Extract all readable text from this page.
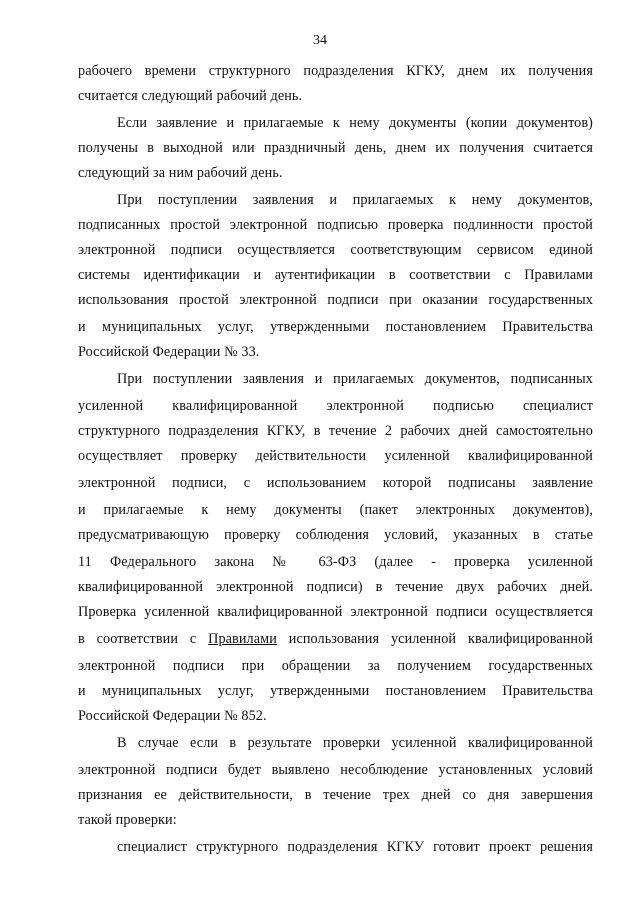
34
рабочего времени структурного подразделения КГКУ, днем их получения
считается следующий рабочий день.
Если заявление и прилагаемые к нему документы (копии документов)
получены в выходной или праздничный день, днем их получения считается
следующий за ним рабочий день.
При поступлении заявления и прилагаемых к нему документов,
подписанных простой электронной подписью проверка подлинности простой
электронной подписи осуществляется соответствующим сервисом единой
системы идентификации и аутентификации в соответствии с Правилами
использования простой электронной подписи при оказании государственных
и муниципальных услуг, утвержденными постановлением Правительства
Российской Федерации № 33.
При поступлении заявления и прилагаемых документов, подписанных
усиленной квалифицированной электронной подписью специалист
структурного подразделения КГКУ, в течение 2 рабочих дней самостоятельно
осуществляет проверку действительности усиленной квалифицированной
электронной подписи, с использованием которой подписаны заявление
и прилагаемые к нему документы (пакет электронных документов),
предусматривающую проверку соблюдения условий, указанных в статье
11 Федерального закона № 63-ФЗ (далее - проверка усиленной
квалифицированной электронной подписи) в течение двух рабочих дней.
Проверка усиленной квалифицированной электронной подписи осуществляется
в соответствии с Правилами использования усиленной квалифицированной
электронной подписи при обращении за получением государственных
и муниципальных услуг, утвержденными постановлением Правительства
Российской Федерации № 852.
В случае если в результате проверки усиленной квалифицированной
электронной подписи будет выявлено несоблюдение установленных условий
признания ее действительности, в течение трех дней со дня завершения
такой проверки:
специалист структурного подразделения КГКУ готовит проект решения
